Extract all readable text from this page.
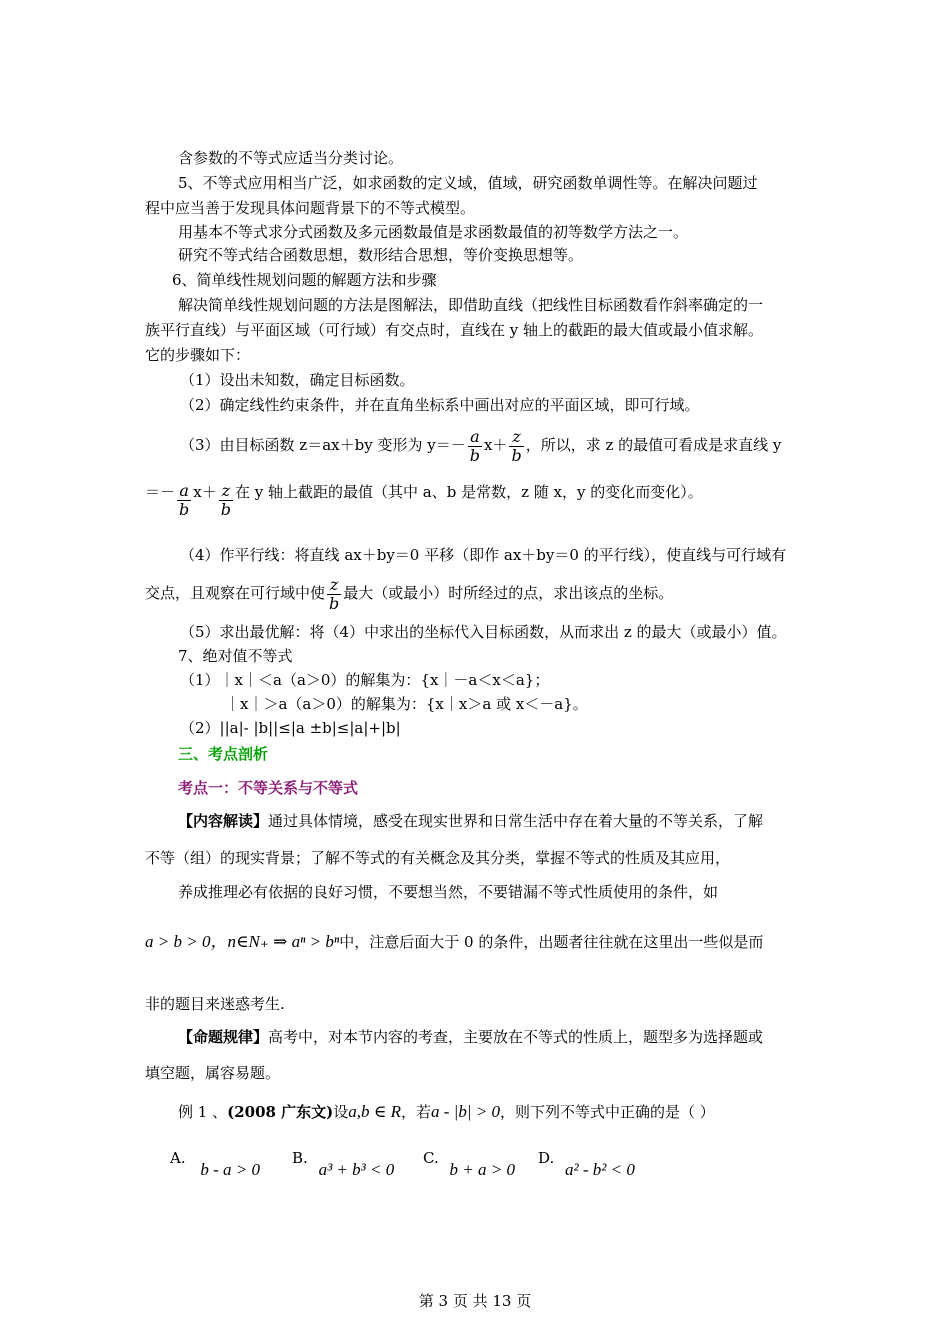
含参数的不等式应适当分类讨论。
5、不等式应用相当广泛，如求函数的定义域，值域，研究函数单调性等。在解决问题过
程中应当善于发现具体问题背景下的不等式模型。
用基本不等式求分式函数及多元函数最值是求函数最值的初等数学方法之一。
研究不等式结合函数思想，数形结合思想，等价变换思想等。
6、简单线性规划问题的解题方法和步骤
解决简单线性规划问题的方法是图解法，即借助直线（把线性目标函数看作斜率确定的一
族平行直线）与平面区域（可行域）有交点时，直线在 y 轴上的截距的最大值或最小值求解。
它的步骤如下：
（1）设出未知数，确定目标函数。
（2）确定线性约束条件，并在直角坐标系中画出对应的平面区域，即可行域。
（3）由目标函数 z＝ax＋by 变形为 $y=- \frac{a}{b} x+ \frac{z}{b}$ ，所以，求 z 的最值可看成是求直线 y
＝－ $\frac{a}{b} x+ \frac{z}{b}$ 在 y 轴上截距的最值（其中 a、b 是常数，z 随 x，y 的变化而变化）。
（4）作平行线：将直线 ax＋by＝0 平移（即作 ax＋by＝0 的平行线），使直线与可行域有
交点，且观察在可行域中使 $\frac{z}{b}$ 最大（或最小）时所经过的点，求出该点的坐标。
（5）求出最优解：将（4）中求出的坐标代入目标函数，从而求出 z 的最大（或最小）值。
7、绝对值不等式
（1）｜x｜＜a（a＞0）的解集为：{x｜－a＜x＜a}；
｜x｜＞a（a＞0）的解集为：{x｜x＞a 或 x＜－a}。
（2）||a|- |b||≤|a ±b|≤|a|+|b|
三、考点剖析
考点一：不等关系与不等式
【内容解读】通过具体情境，感受在现实世界和日常生活中存在着大量的不等关系，了解
不等（组）的现实背景；了解不等式的有关概念及其分类，掌握不等式的性质及其应用，
养成推理必有依据的良好习惯，不要想当然，不要错漏不等式性质使用的条件，如
a > b > 0，n∈N₊ ⇒ aⁿ > bⁿ中，注意后面大于 0 的条件，出题者往往就在这里出一些似是而
非的题目来迷惑考生.
【命题规律】高考中，对本节内容的考查，主要放在不等式的性质上，题型多为选择题或
填空题，属容易题。
例 1 、(2008 广东文)设a,b ∈ R，若a - |b| > 0，则下列不等式中正确的是（ ）
A. b - a > 0
B. a³ + b³ < 0
C. b + a > 0
D. a² - b² < 0
第 3 页 共 13 页
